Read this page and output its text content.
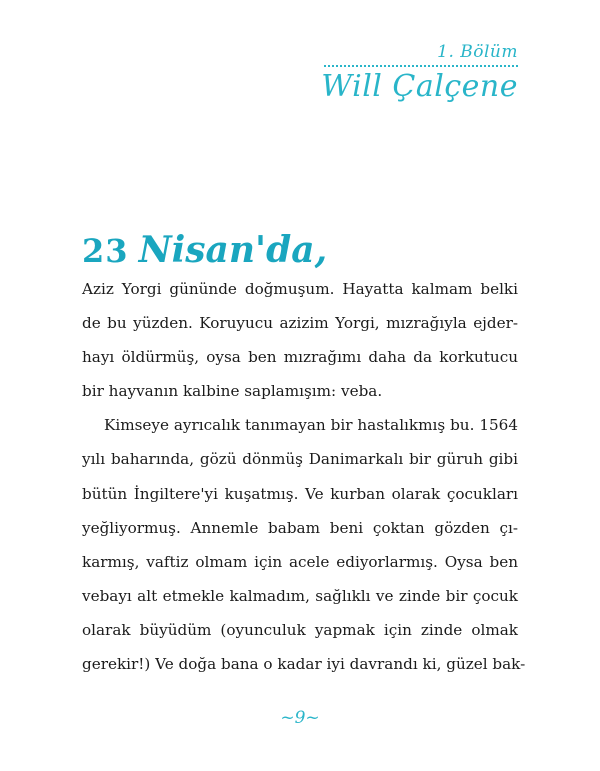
1. Bölüm
Will Çalçene
23 Nisan'da,

Aziz Yorgi gününde doğmuşum. Hayatta kalmam belki
de bu yüzden. Koruyucu azizim Yorgi, mızrağıyla ejder-
hayı öldürmüş, oysa ben mızrağımı daha da korkutucu
bir hayvanın kalbine saplamışım: veba.

Kimseye ayrıcalık tanımayan bir hastalıkmış bu. 1564
yılı baharında, gözü dönmüş Danimarkalı bir güruh gibi
bütün İngiltere'yi kuşatmış. Ve kurban olarak çocukları
yeğliyormuş. Annemle babam beni çoktan gözden çı-
karmış, vaftiz olmam için acele ediyorlarmış. Oysa ben
vebayı alt etmekle kalmadım, sağlıklı ve zinde bir çocuk
olarak büyüdüm (oyunculuk yapmak için zinde olmak
gerekir!) Ve doğa bana o kadar iyi davrandı ki, güzel bak-

~9~
